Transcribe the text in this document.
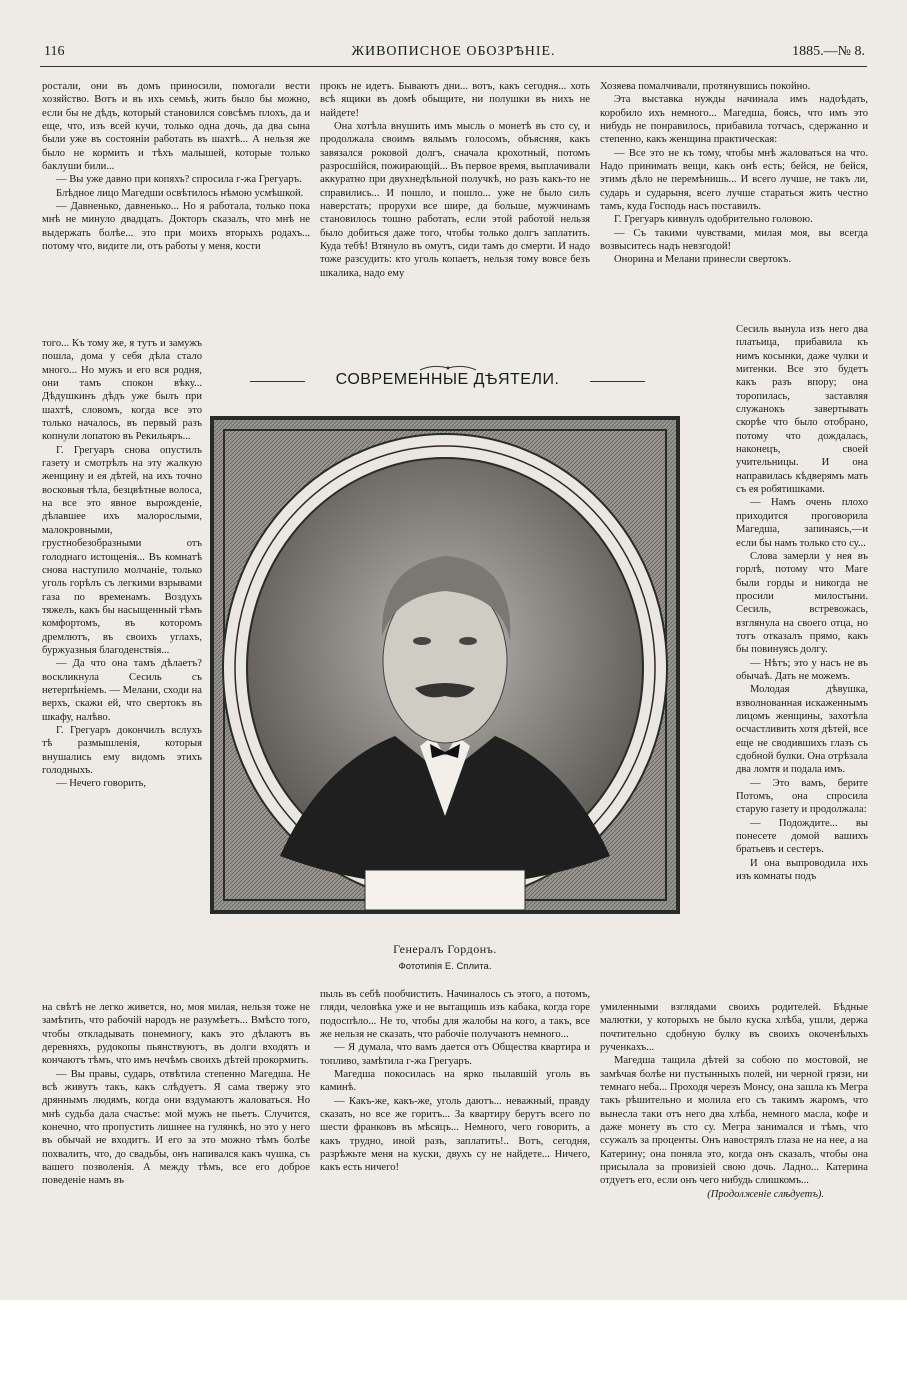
116	ЖИВОПИСНОЕ ОБОЗРѢНIЕ.	1885.—№ 8.

ростали, они въ домъ приносили, помогали вести хозяйство. Вотъ и въ ихъ семьѣ, жить было бы можно, если бы не дѣдъ, который становился совсѣмъ плохъ, да и еще, что, изъ всей кучи, только одна дочь, да два сына были уже въ состоянiи работать въ шахтѣ... А нельзя же было не кормить и тѣхъ малышей, которые только баклуши били...

— Вы уже давно при копяхъ? спросила г-жа Грегуаръ.

Блѣдное лицо Магедши освѣтилось нѣмою усмѣшкой.

— Давненько, давненько... Но я работала, только пока мнѣ не минуло двадцать. Докторъ сказалъ, что мнѣ не выдержать болѣе... это при моихъ вторыхъ родахъ... потому что, видите ли, отъ работы у меня, кости

того... Къ тому же, я тутъ и замужъ пошла, дома у себя дѣла стало много... Но мужъ и его вся родня, они тамъ спокон вѣку... Дѣдушкинъ дѣдъ уже былъ при шахтѣ, словомъ, когда все это только началось, въ первый разъ копнули лопатою въ Рекильяръ...

Г. Грегуаръ снова опустилъ газету и смотрѣлъ на эту жалкую женщину и ея дѣтей, на ихъ точно восковыя тѣла, безцвѣтные волоса, на все это явное вырожденiе, дѣлавшее ихъ малорослыми, малокровными, грустнобезобразными отъ голоднаго истощенiя... Въ комнатѣ снова наступило молчанiе, только уголь горѣлъ съ легкими взрывами газа по временамъ. Воздухъ тяжелъ, какъ бы насыщенный тѣмъ комфортомъ, въ которомъ дремлютъ, въ своихъ углахъ, буржуазныя благоденствiя...

— Да что она тамъ дѣлаетъ? воскликнула Сесиль съ нетерпѣнiемъ. — Мелани, сходи на верхъ, скажи ей, что свертокъ въ шкафу, налѣво.

Г. Грегуаръ докончилъ вслухъ тѣ размышленiя, которыя внушались ему видомъ этихъ голодныхъ.

— Нечего говорить,

прокъ не идетъ. Бываютъ дни... вотъ, какъ сегодня... хоть всѣ ящики въ домѣ обыщите, ни полушки въ нихъ не найдете!

Она хотѣла внушить имъ мысль о монетѣ въ сто су, и продолжала своимъ вялымъ голосомъ, объясняя, какъ завязался роковой долгъ, сначала крохотный, потомъ разросшiйся, пожирающiй... Въ первое время, выплачивали аккуратно при двухнедѣльной получкѣ, но разъ какъ-то не справились... И пошло, и пошло... уже не было силъ наверстать; прорухи все шире, да больше, мужчинамъ становилось тошно работать, если этой работой нельзя было добиться даже того, чтобы только долгъ заплатить. Куда тебѣ! Втянуло въ омутъ, сиди тамъ до смерти. И надо тоже разсудить: кто уголь копаетъ, нельзя тому вовсе безъ шкалика, надо ему

Хозяева помалчивали, протянувшись покойно.

Эта выставка нужды начинала имъ надоѣдать, коробило ихъ немного... Магедша, боясь, что имъ это нибудь не понравилось, прибавила тотчасъ, сдержанно и степенно, какъ женщина практическая:

— Все это не къ тому, чтобы мнѣ жаловаться на что. Надо принимать вещи, какъ онѣ есть; бейся, не бейся, этимъ дѣло не перемѣнишь... И всего лучше, не такъ ли, сударь и сударыня, всего лучше стараться жить честно тамъ, куда Господь насъ поставилъ.

Г. Грегуаръ кивнулъ одобрительно головою.

— Съ такими чувствами, милая моя, вы всегда возвыситесь надъ невзгодой!

Онорина и Мелани принесли свертокъ.

Сесиль вынула изъ него два платьица, прибавила къ нимъ косынки, даже чулки и митенки. Все это будетъ какъ разъ впору; она торопилась, заставляя служанокъ завертывать скорѣе что было отобрано, потому что дождалась, наконецъ, своей учительницы. И она направилась кѣдверямъ мать съ ея робятишками.

— Намъ очень плохо приходится проговорила Магедша, запинаясь,—и если бы намъ только сто су...

Слова замерли у нея въ горлѣ, потому что Маге были горды и никогда не просили милостыни. Сесиль, встревожась, взглянула на своего отца, но тотъ отказалъ прямо, какъ бы повинуясь долгу.

— Нѣтъ; это у насъ не въ обычаѣ. Дать не можемъ.

Молодая дѣвушка, взволнованная искаженнымъ лицомъ женщины, захотѣла осчастливить хотя дѣтей, все еще не сводившихъ глазъ съ сдобной булки. Она отрѣзала два ломтя и подала имъ.

— Это вамъ, берите Потомъ, она спросила старую газету и продолжала:

— Подождите... вы понесете домой вашихъ братьевъ и сестеръ.

И она выпроводила ихъ изъ комнаты подъ

СОВРЕМЕННЫЕ ДѢЯТЕЛИ.
Генералъ Гордонъ.
Фототипiя Е. Сплита.

на свѣтѣ не легко живется, но, моя милая, нельзя тоже не замѣтить, что рабочiй народъ не разумѣетъ... Вмѣсто того, чтобы откладывать понемногу, какъ это дѣлаютъ въ деревняхъ, рудокопы пьянствуютъ, въ долги входятъ и кончаютъ тѣмъ, что имъ нечѣмъ своихъ дѣтей прокормить.

— Вы правы, сударь, отвѣтила степенно Магедша. Не всѣ живутъ такъ, какъ слѣдуетъ. Я сама твержу это дряннымъ людямъ, когда они вздумаютъ жаловаться. Но мнѣ судьба дала счастье: мой мужъ не пьетъ. Случится, конечно, что пропустить лишнее на гулянкѣ, но это у него въ обычай не входитъ. И его за это можно тѣмъ болѣе похвалить, что, до свадьбы, онъ напивался какъ чушка, съ вашего позволенiя. А между тѣмъ, все его доброе поведенiе намъ въ

пыль въ себѣ пообчистить. Начиналось съ этого, а потомъ, гляди, человѣка уже и не вытащишь изъ кабака, когда горе подоспѣло... Не то, чтобы для жалобы на кого, а такъ, все же нельзя не сказать, что рабочiе получаютъ немного...

— Я думала, что вамъ дается отъ Общества квартира и топливо, замѣтила г-жа Грегуаръ.

Магедша покосилась на ярко пылавшiй уголь въ каминѣ.

— Какъ-же, какъ-же, уголь даютъ... неважный, правду сказать, но все же горитъ... За квартиру берутъ всего по шести франковъ въ мѣсяцъ... Немного, чего говорить, а какъ трудно, иной разъ, заплатить!.. Вотъ, сегодня, разрѣжьте меня на куски, двухъ су не найдете... Ничего, какъ есть ничего!

умиленными взглядами своихъ родителей. Бѣдные малютки, у которыхъ не было куска хлѣба, ушли, держа почтительно сдобную булку въ своихъ окоченѣлыхъ рученкахъ...

Магедша тащила дѣтей за собою по мостовой, не замѣчая болѣе ни пустынныхъ полей, ни черной грязи, ни темнаго неба... Проходя черезъ Монсу, она зашла къ Мегра такъ рѣшительно и молила его съ такимъ жаромъ, что вынесла таки отъ него два хлѣба, немного масла, кофе и даже монету въ сто су. Мегра занимался и тѣмъ, что ссужалъ за проценты. Онъ навострялъ глаза не на нее, а на Катерину; она поняла это, когда онъ сказалъ, чтобы она присылала за провизiей свою дочь. Ладно... Катерина отдуетъ его, если онъ чего нибудь слишкомъ...

(Продолженiе слѣдуетъ).
